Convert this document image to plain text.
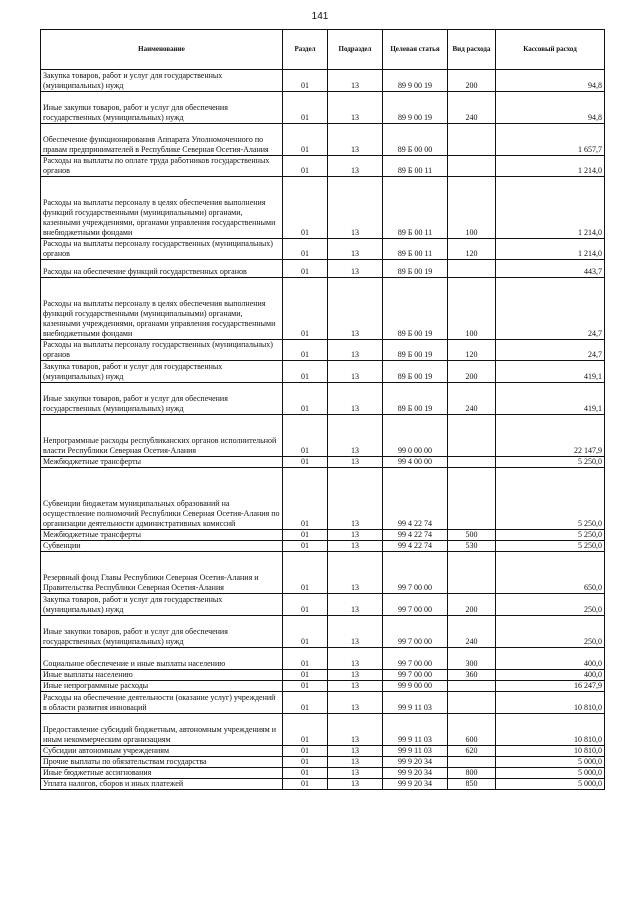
141
Наименование	Раздел	Подраздел	Целевая статья	Вид расхода	Кассовый расход
Закупка товаров, работ и услуг для государственных (муниципальных) нужд	01	13	89 9 00 19	200	94,8
Иные закупки товаров, работ и услуг для обеспечения государственных (муниципальных) нужд	01	13	89 9 00 19	240	94,8
Обеспечение функционирования Аппарата Уполномоченного по правам предпринимателей в Республике Северная Осетия-Алания	01	13	89 Б 00 00		1 657,7
Расходы на выплаты по оплате труда работников государственных органов	01	13	89 Б 00 11		1 214,0
Расходы на выплаты персоналу в целях обеспечения выполнения функций государственными (муниципальными) органами, казенными учреждениями, органами управления государственными внебюджетными фондами	01	13	89 Б 00 11	100	1 214,0
Расходы на выплаты персоналу государственных (муниципальных) органов	01	13	89 Б 00 11	120	1 214,0
Расходы на обеспечение функций государственных органов	01	13	89 Б 00 19		443,7
Расходы на выплаты персоналу в целях обеспечения выполнения функций государственными (муниципальными) органами, казенными учреждениями, органами управления государственными внебюджетными фондами	01	13	89 Б 00 19	100	24,7
Расходы на выплаты персоналу государственных (муниципальных) органов	01	13	89 Б 00 19	120	24,7
Закупка товаров, работ и услуг для государственных (муниципальных) нужд	01	13	89 Б 00 19	200	419,1
Иные закупки товаров, работ и услуг для обеспечения государственных (муниципальных) нужд	01	13	89 Б 00 19	240	419,1
Непрограммные расходы республиканских органов исполнительной власти Республики Северная Осетия-Алания	01	13	99 0 00 00		22 147,9
Межбюджетные трансферты	01	13	99 4 00 00		5 250,0
Субвенции бюджетам муниципальных образований на осуществление полномочий Республики Северная Осетия-Алания по организации деятельности административных комиссий	01	13	99 4 22 74		5 250,0
Межбюджетные трансферты	01	13	99 4 22 74	500	5 250,0
Субвенции	01	13	99 4 22 74	530	5 250,0
Резервный фонд Главы Республики Северная Осетия-Алания и Правительства Республики Северная Осетия-Алания	01	13	99 7 00 00		650,0
Закупка товаров, работ и услуг для государственных (муниципальных) нужд	01	13	99 7 00 00	200	250,0
Иные закупки товаров, работ и услуг для обеспечения государственных (муниципальных) нужд	01	13	99 7 00 00	240	250,0
Социальное обеспечение и иные выплаты населению	01	13	99 7 00 00	300	400,0
Иные выплаты населению	01	13	99 7 00 00	360	400,0
Иные непрограммные расходы	01	13	99 9 00 00		16 247,9
Расходы на обеспечение деятельности (оказание услуг) учреждений в области развития инноваций	01	13	99 9 11 03		10 810,0
Предоставление субсидий бюджетным, автономным учреждениям и иным некоммерческим организациям	01	13	99 9 11 03	600	10 810,0
Субсидии автономным учреждениям	01	13	99 9 11 03	620	10 810,0
Прочие выплаты по обязательствам государства	01	13	99 9 20 34		5 000,0
Иные бюджетные ассигнования	01	13	99 9 20 34	800	5 000,0
Уплата налогов, сборов и иных платежей	01	13	99 9 20 34	850	5 000,0
